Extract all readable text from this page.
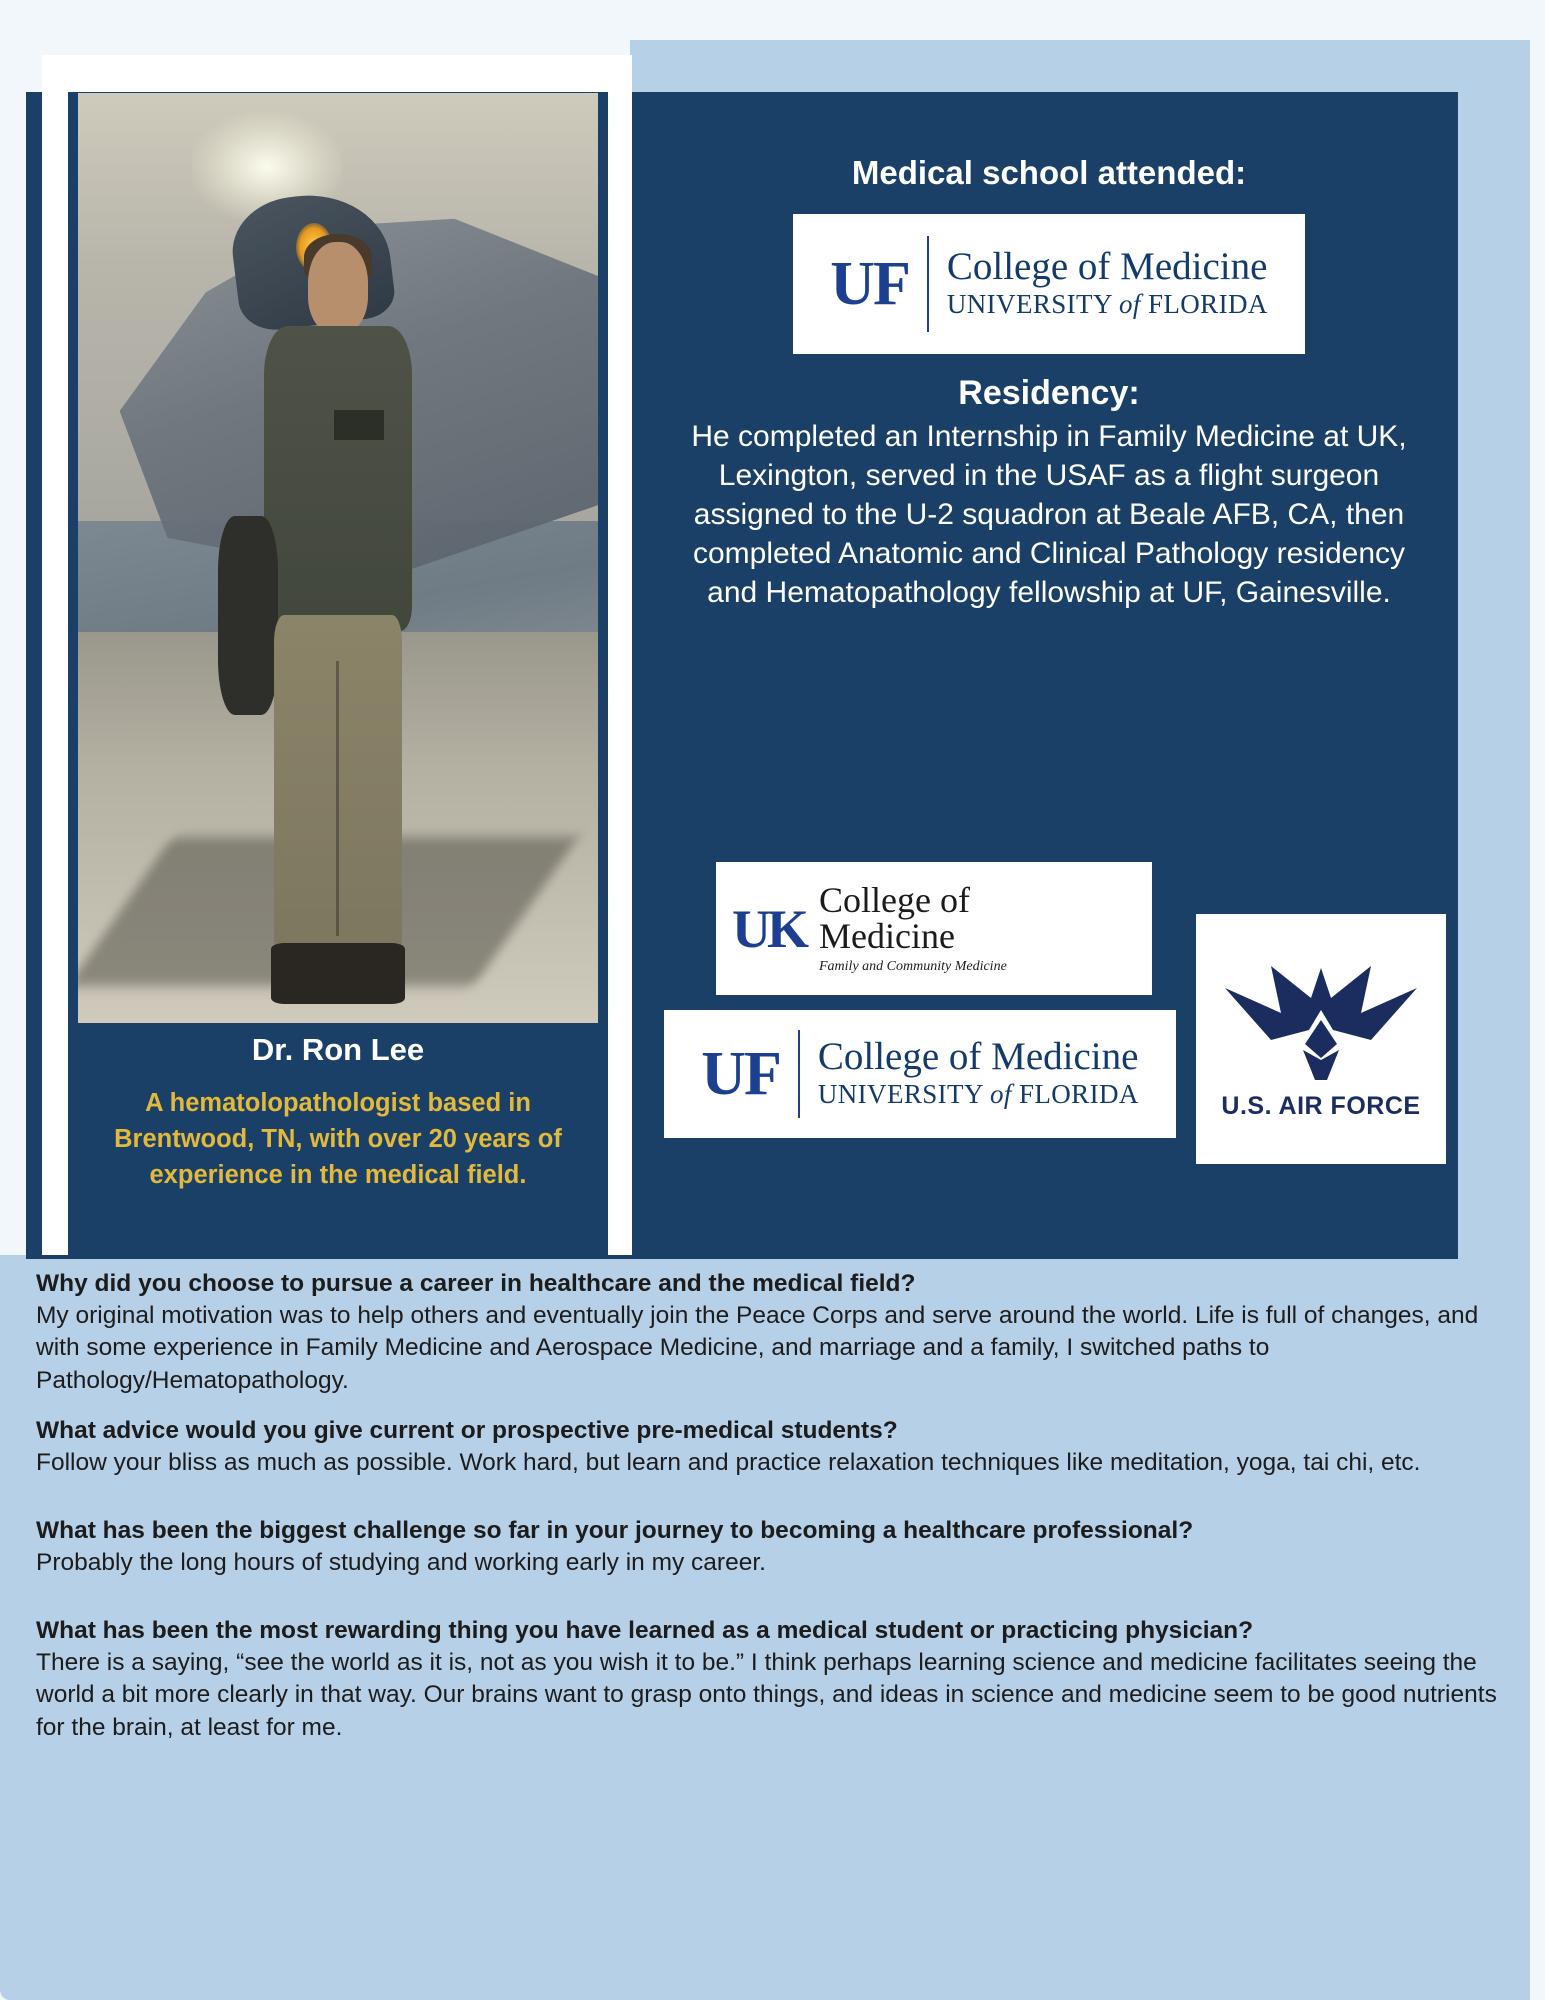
Dr. Ron Lee
A hematolopathologist based in Brentwood, TN, with over 20 years of experience in the medical field.
Medical school attended:
UF College of Medicine
UNIVERSITY of FLORIDA
Residency:
He completed an Internship in Family Medicine at UK, Lexington, served in the USAF as a flight surgeon assigned to the U-2 squadron at Beale AFB, CA, then completed Anatomic and Clinical Pathology residency and Hematopathology fellowship at UF, Gainesville.
UK College of
Medicine
Family and Community Medicine
UF College of Medicine
UNIVERSITY of FLORIDA	U.S. AIR FORCE

Why did you choose to pursue a career in healthcare and the medical field?

My original motivation was to help others and eventually join the Peace Corps and serve around the world. Life is full of changes, and with some experience in Family Medicine and Aerospace Medicine, and marriage and a family, I switched paths to Pathology/Hematopathology.

What advice would you give current or prospective pre-medical students?

Follow your bliss as much as possible. Work hard, but learn and practice relaxation techniques like meditation, yoga, tai chi, etc.

What has been the biggest challenge so far in your journey to becoming a healthcare professional?

Probably the long hours of studying and working early in my career.

What has been the most rewarding thing you have learned as a medical student or practicing physician?

There is a saying, “see the world as it is, not as you wish it to be.” I think perhaps learning science and medicine facilitates seeing the world a bit more clearly in that way. Our brains want to grasp onto things, and ideas in science and medicine seem to be good nutrients for the brain, at least for me.
